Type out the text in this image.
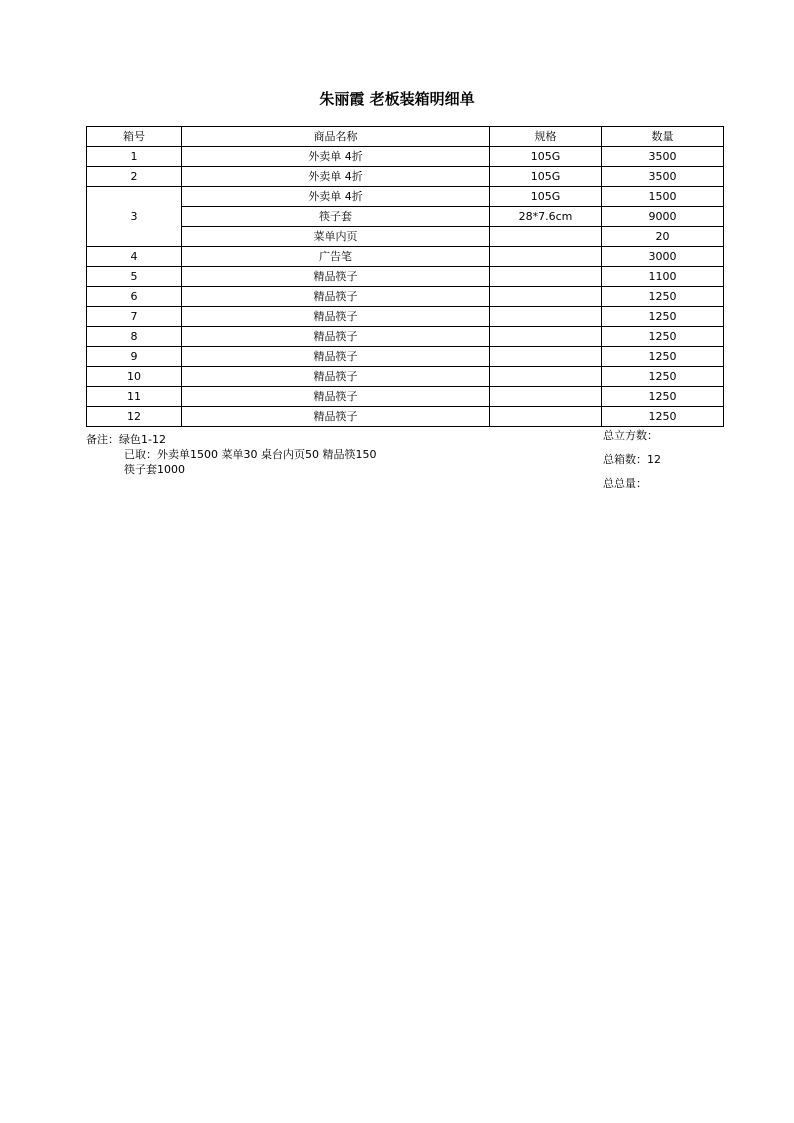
朱丽霞 老板装箱明细单
箱号	商品名称	规格	数量
1	外卖单 4折	105G	3500
2	外卖单 4折	105G	3500
3	外卖单 4折	105G	1500
	筷子套	28*7.6cm	9000
	菜单内页		20
4	广告笔		3000
5	精品筷子		1100
6	精品筷子		1250
7	精品筷子		1250
8	精品筷子		1250
9	精品筷子		1250
10	精品筷子		1250
11	精品筷子		1250
12	精品筷子		1250
备注：绿色1-12
已取：外卖单1500 菜单30 桌台内页50 精品筷150
筷子套1000
总立方数：
总箱数：12
总总量：
